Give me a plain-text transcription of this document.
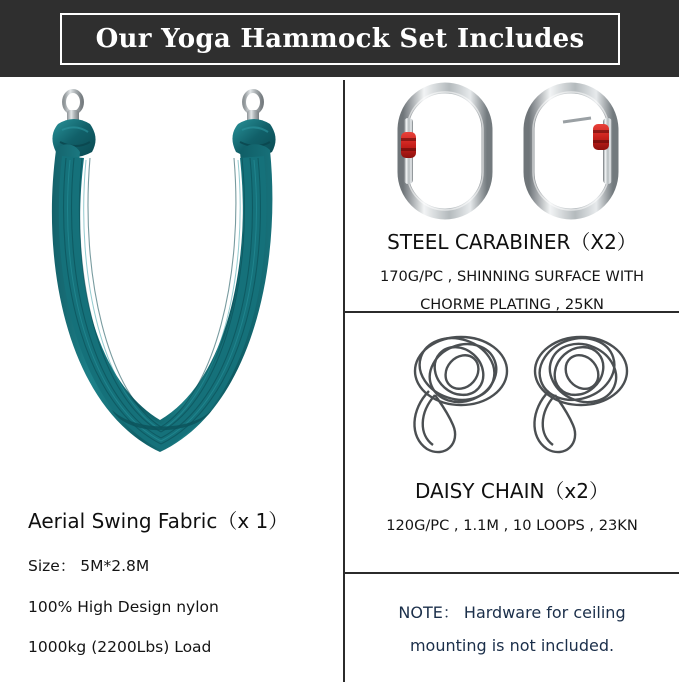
Our Yoga Hammock Set Includes
Aerial Swing Fabric（x 1）
Size： 5M*2.8M
100% High Design nylon
1000kg (2200Lbs) Load
STEEL CARABINER（X2）
170G/PC , SHINNING SURFACE WITH
CHORME PLATING , 25KN
DAISY CHAIN（x2）
120G/PC , 1.1M , 10 LOOPS , 23KN
NOTE： Hardware for ceiling
mounting is not included.
